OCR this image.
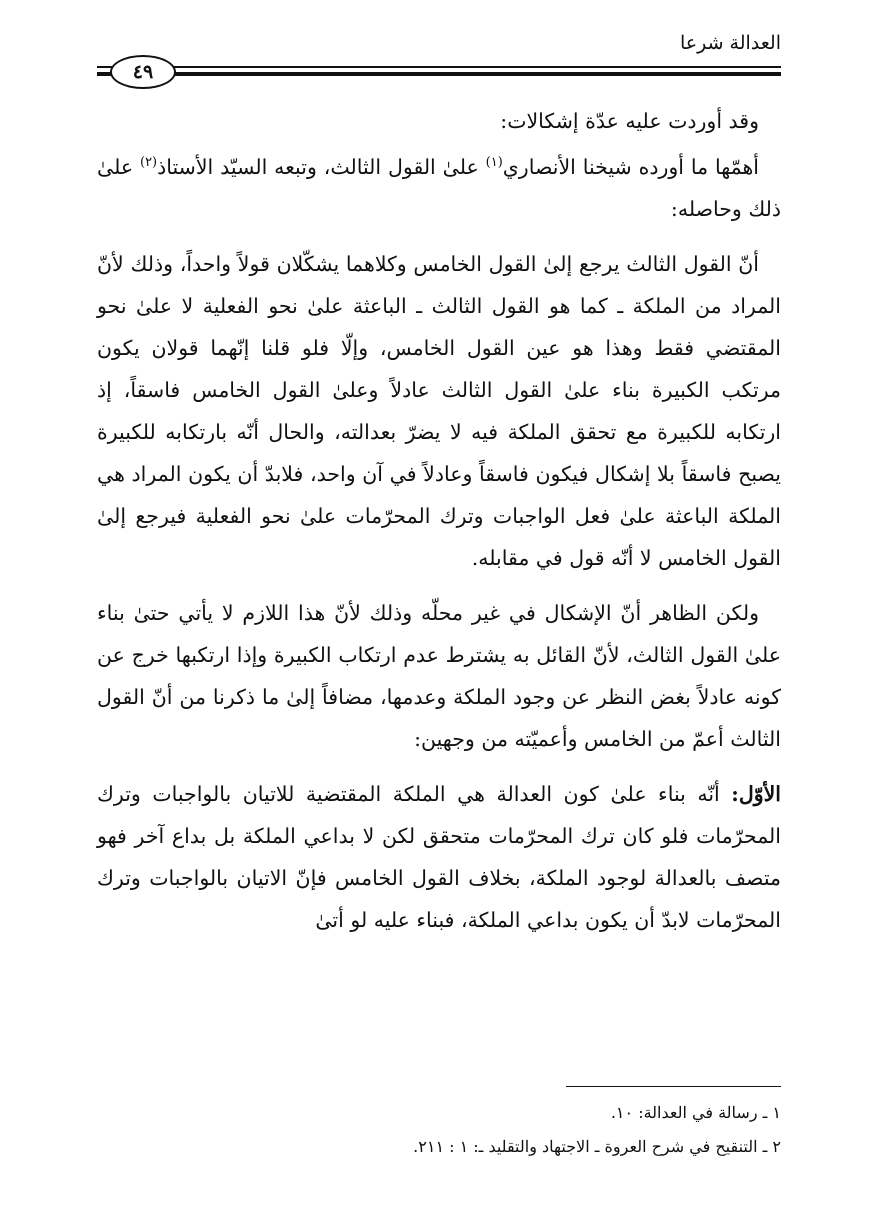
العدالة شرعا
٤٩

وقد أوردت عليه عدّة إشكالات:

أهمّها ما أورده شيخنا الأنصاري$^{(١)}$ علىٰ القول الثالث، وتبعه السيّد الأستاذ$^{(٢)}$ علىٰ ذلك وحاصله:

أنّ القول الثالث يرجع إلىٰ القول الخامس وكلاهما يشكّلان قولاً واحداً، وذلك لأنّ المراد من الملكة ـ كما هو القول الثالث ـ الباعثة علىٰ نحو الفعلية لا علىٰ نحو المقتضي فقط وهذا هو عين القول الخامس، وإلّا فلو قلنا إنّهما قولان يكون مرتكب الكبيرة بناء علىٰ القول الثالث عادلاً وعلىٰ القول الخامس فاسقاً، إذ ارتكابه للكبيرة مع تحقق الملكة فيه لا يضرّ بعدالته، والحال أنّه بارتكابه للكبيرة يصبح فاسقاً بلا إشكال فيكون فاسقاً وعادلاً في آن واحد، فلابدّ أن يكون المراد هي الملكة الباعثة علىٰ فعل الواجبات وترك المحرّمات علىٰ نحو الفعلية فيرجع إلىٰ القول الخامس لا أنّه قول في مقابله.

ولكن الظاهر أنّ الإشكال في غير محلّه وذلك لأنّ هذا اللازم لا يأتي حتىٰ بناء علىٰ القول الثالث، لأنّ القائل به يشترط عدم ارتكاب الكبيرة وإذا ارتكبها خرج عن كونه عادلاً بغض النظر عن وجود الملكة وعدمها، مضافاً إلىٰ ما ذكرنا من أنّ القول الثالث أعمّ من الخامس وأعميّته من وجهين:

الأوّل: أنّه بناء علىٰ كون العدالة هي الملكة المقتضية للاتيان بالواجبات وترك المحرّمات فلو كان ترك المحرّمات متحقق لكن لا بداعي الملكة بل بداع آخر فهو متصف بالعدالة لوجود الملكة، بخلاف القول الخامس فإنّ الاتيان بالواجبات وترك المحرّمات لابدّ أن يكون بداعي الملكة، فبناء عليه لو أتىٰ

١ ـ رسالة في العدالة: ١٠.

٢ ـ التنقيح في شرح العروة ـ الاجتهاد والتقليد ـ: ١ : ٢١١.
